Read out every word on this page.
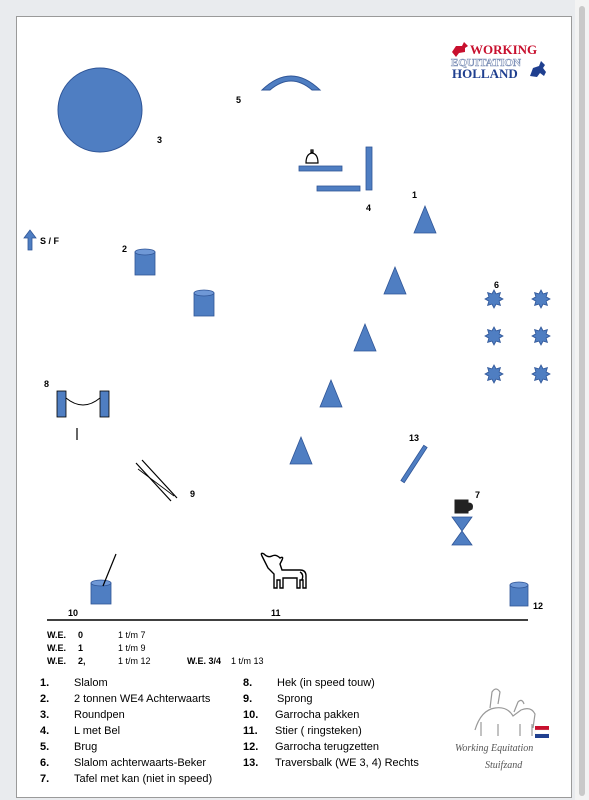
WORKING
EQUITATION
HOLLAND
3
5
4
1
S / F
2
6
8
9
13
7
10	11
12
Working Equitation
Stuifzand
W.E. 0	1 t/m 7
W.E. 1	1 t/m 9
W.E. 2,	1 t/m 12	W.E. 3/4 1 t/m 13
1. Slalom
2. 2 tonnen WE4 Achterwaarts
3. Roundpen
4. L met Bel
5. Brug
6. Slalom achterwaarts-Beker
7. Tafel met kan (niet in speed)
8. Hek (in speed touw)
9. Sprong
10. Garrocha pakken
11. Stier ( ringsteken)
12. Garrocha terugzetten
13. Traversbalk (WE 3, 4) Rechts
